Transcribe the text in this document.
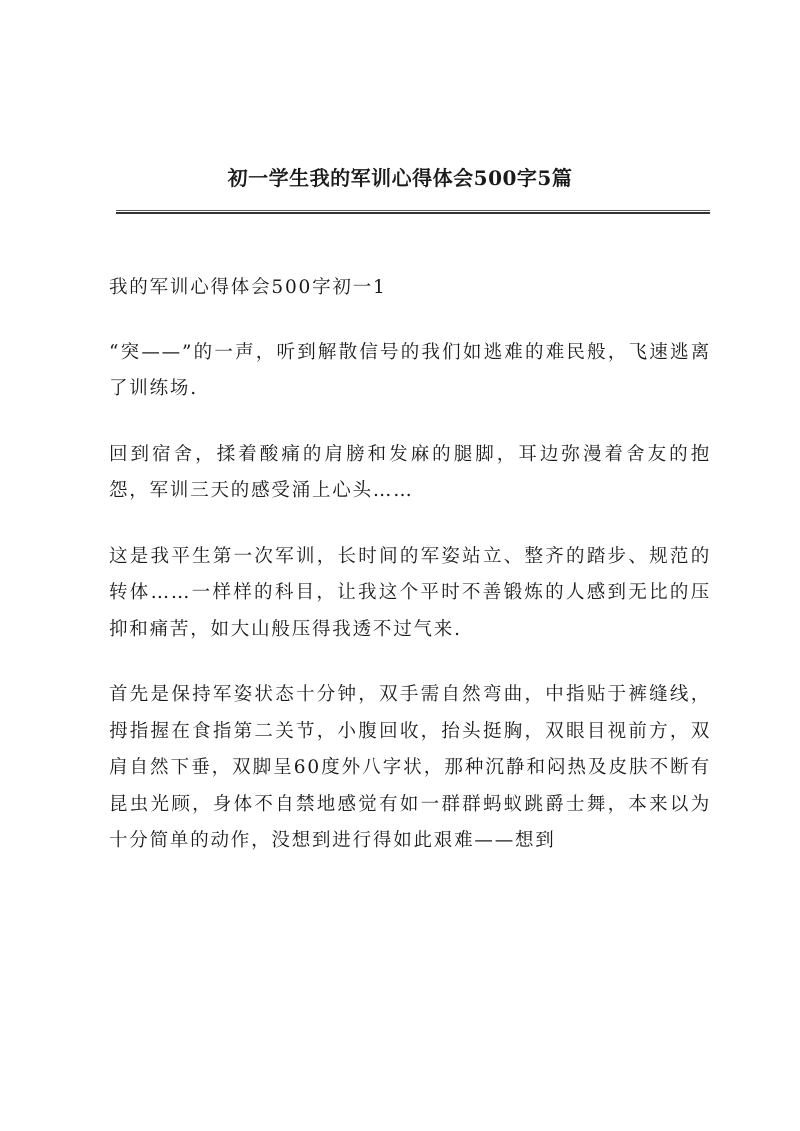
初一学生我的军训心得体会500字5篇

我的军训心得体会500字初一1

“突——”的一声，听到解散信号的我们如逃难的难民般，飞速逃离了训练场.

回到宿舍，揉着酸痛的肩膀和发麻的腿脚，耳边弥漫着舍友的抱怨，军训三天的感受涌上心头……

这是我平生第一次军训，长时间的军姿站立、整齐的踏步、规范的转体……一样样的科目，让我这个平时不善锻炼的人感到无比的压抑和痛苦，如大山般压得我透不过气来.

首先是保持军姿状态十分钟，双手需自然弯曲，中指贴于裤缝线，拇指握在食指第二关节，小腹回收，抬头挺胸，双眼目视前方，双肩自然下垂，双脚呈60度外八字状，那种沉静和闷热及皮肤不断有昆虫光顾，身体不自禁地感觉有如一群群蚂蚁跳爵士舞，本来以为十分简单的动作，没想到进行得如此艰难——想到
